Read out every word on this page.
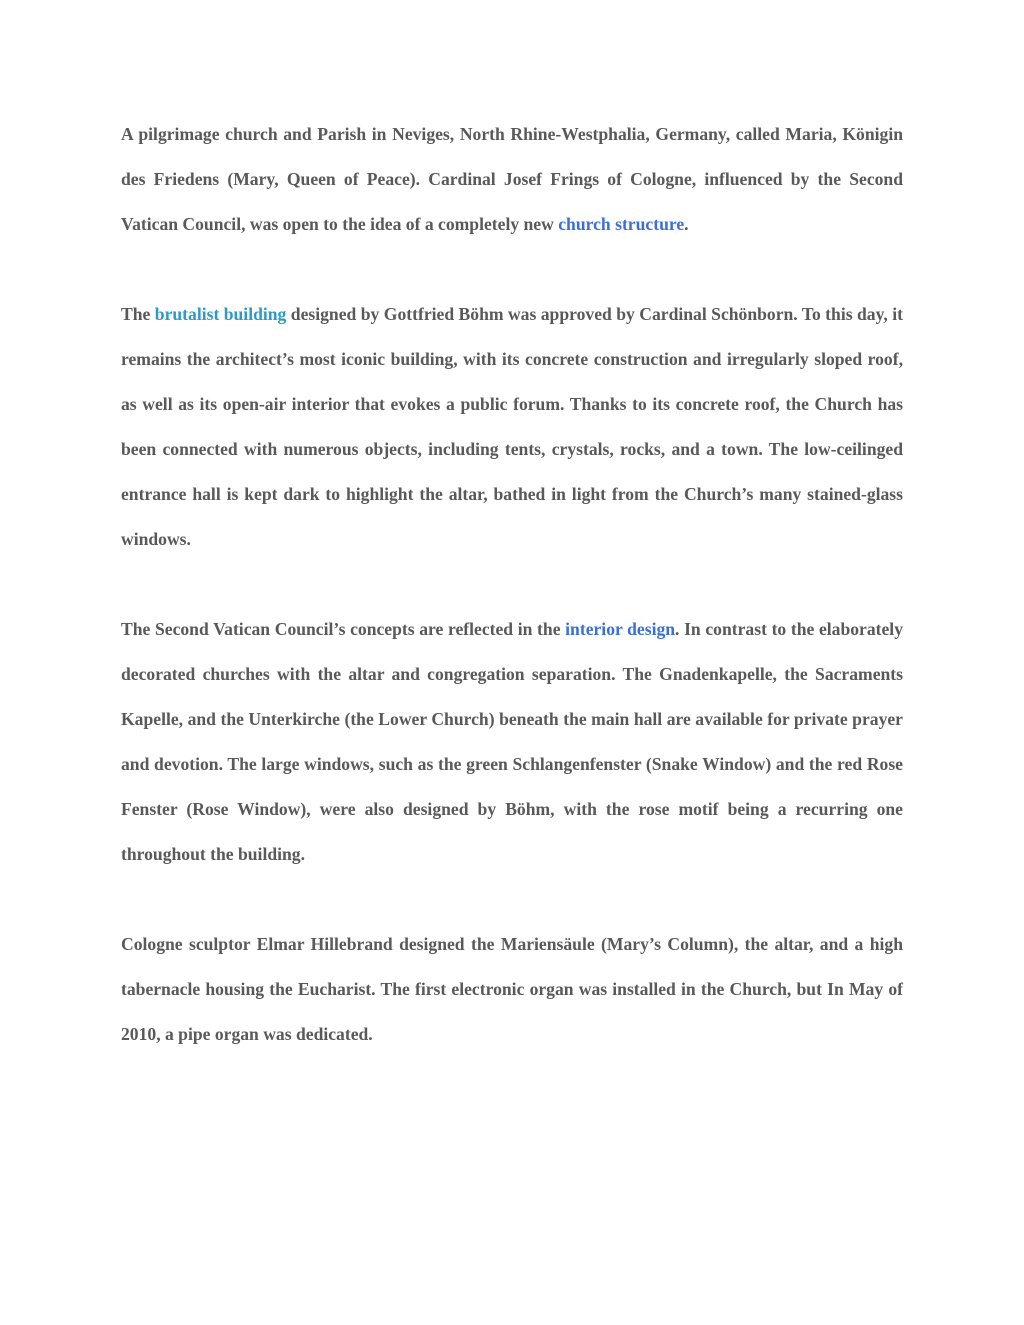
A pilgrimage church and Parish in Neviges, North Rhine-Westphalia, Germany, called Maria, Königin des Friedens (Mary, Queen of Peace). Cardinal Josef Frings of Cologne, influenced by the Second Vatican Council, was open to the idea of a completely new church structure.

The brutalist building designed by Gottfried Böhm was approved by Cardinal Schönborn. To this day, it remains the architect’s most iconic building, with its concrete construction and irregularly sloped roof, as well as its open-air interior that evokes a public forum. Thanks to its concrete roof, the Church has been connected with numerous objects, including tents, crystals, rocks, and a town. The low-ceilinged entrance hall is kept dark to highlight the altar, bathed in light from the Church’s many stained-glass windows.

The Second Vatican Council’s concepts are reflected in the interior design. In contrast to the elaborately decorated churches with the altar and congregation separation. The Gnadenkapelle, the Sacraments Kapelle, and the Unterkirche (the Lower Church) beneath the main hall are available for private prayer and devotion. The large windows, such as the green Schlangenfenster (Snake Window) and the red Rose Fenster (Rose Window), were also designed by Böhm, with the rose motif being a recurring one throughout the building.

Cologne sculptor Elmar Hillebrand designed the Mariensäule (Mary’s Column), the altar, and a high tabernacle housing the Eucharist. The first electronic organ was installed in the Church, but In May of 2010, a pipe organ was dedicated.
